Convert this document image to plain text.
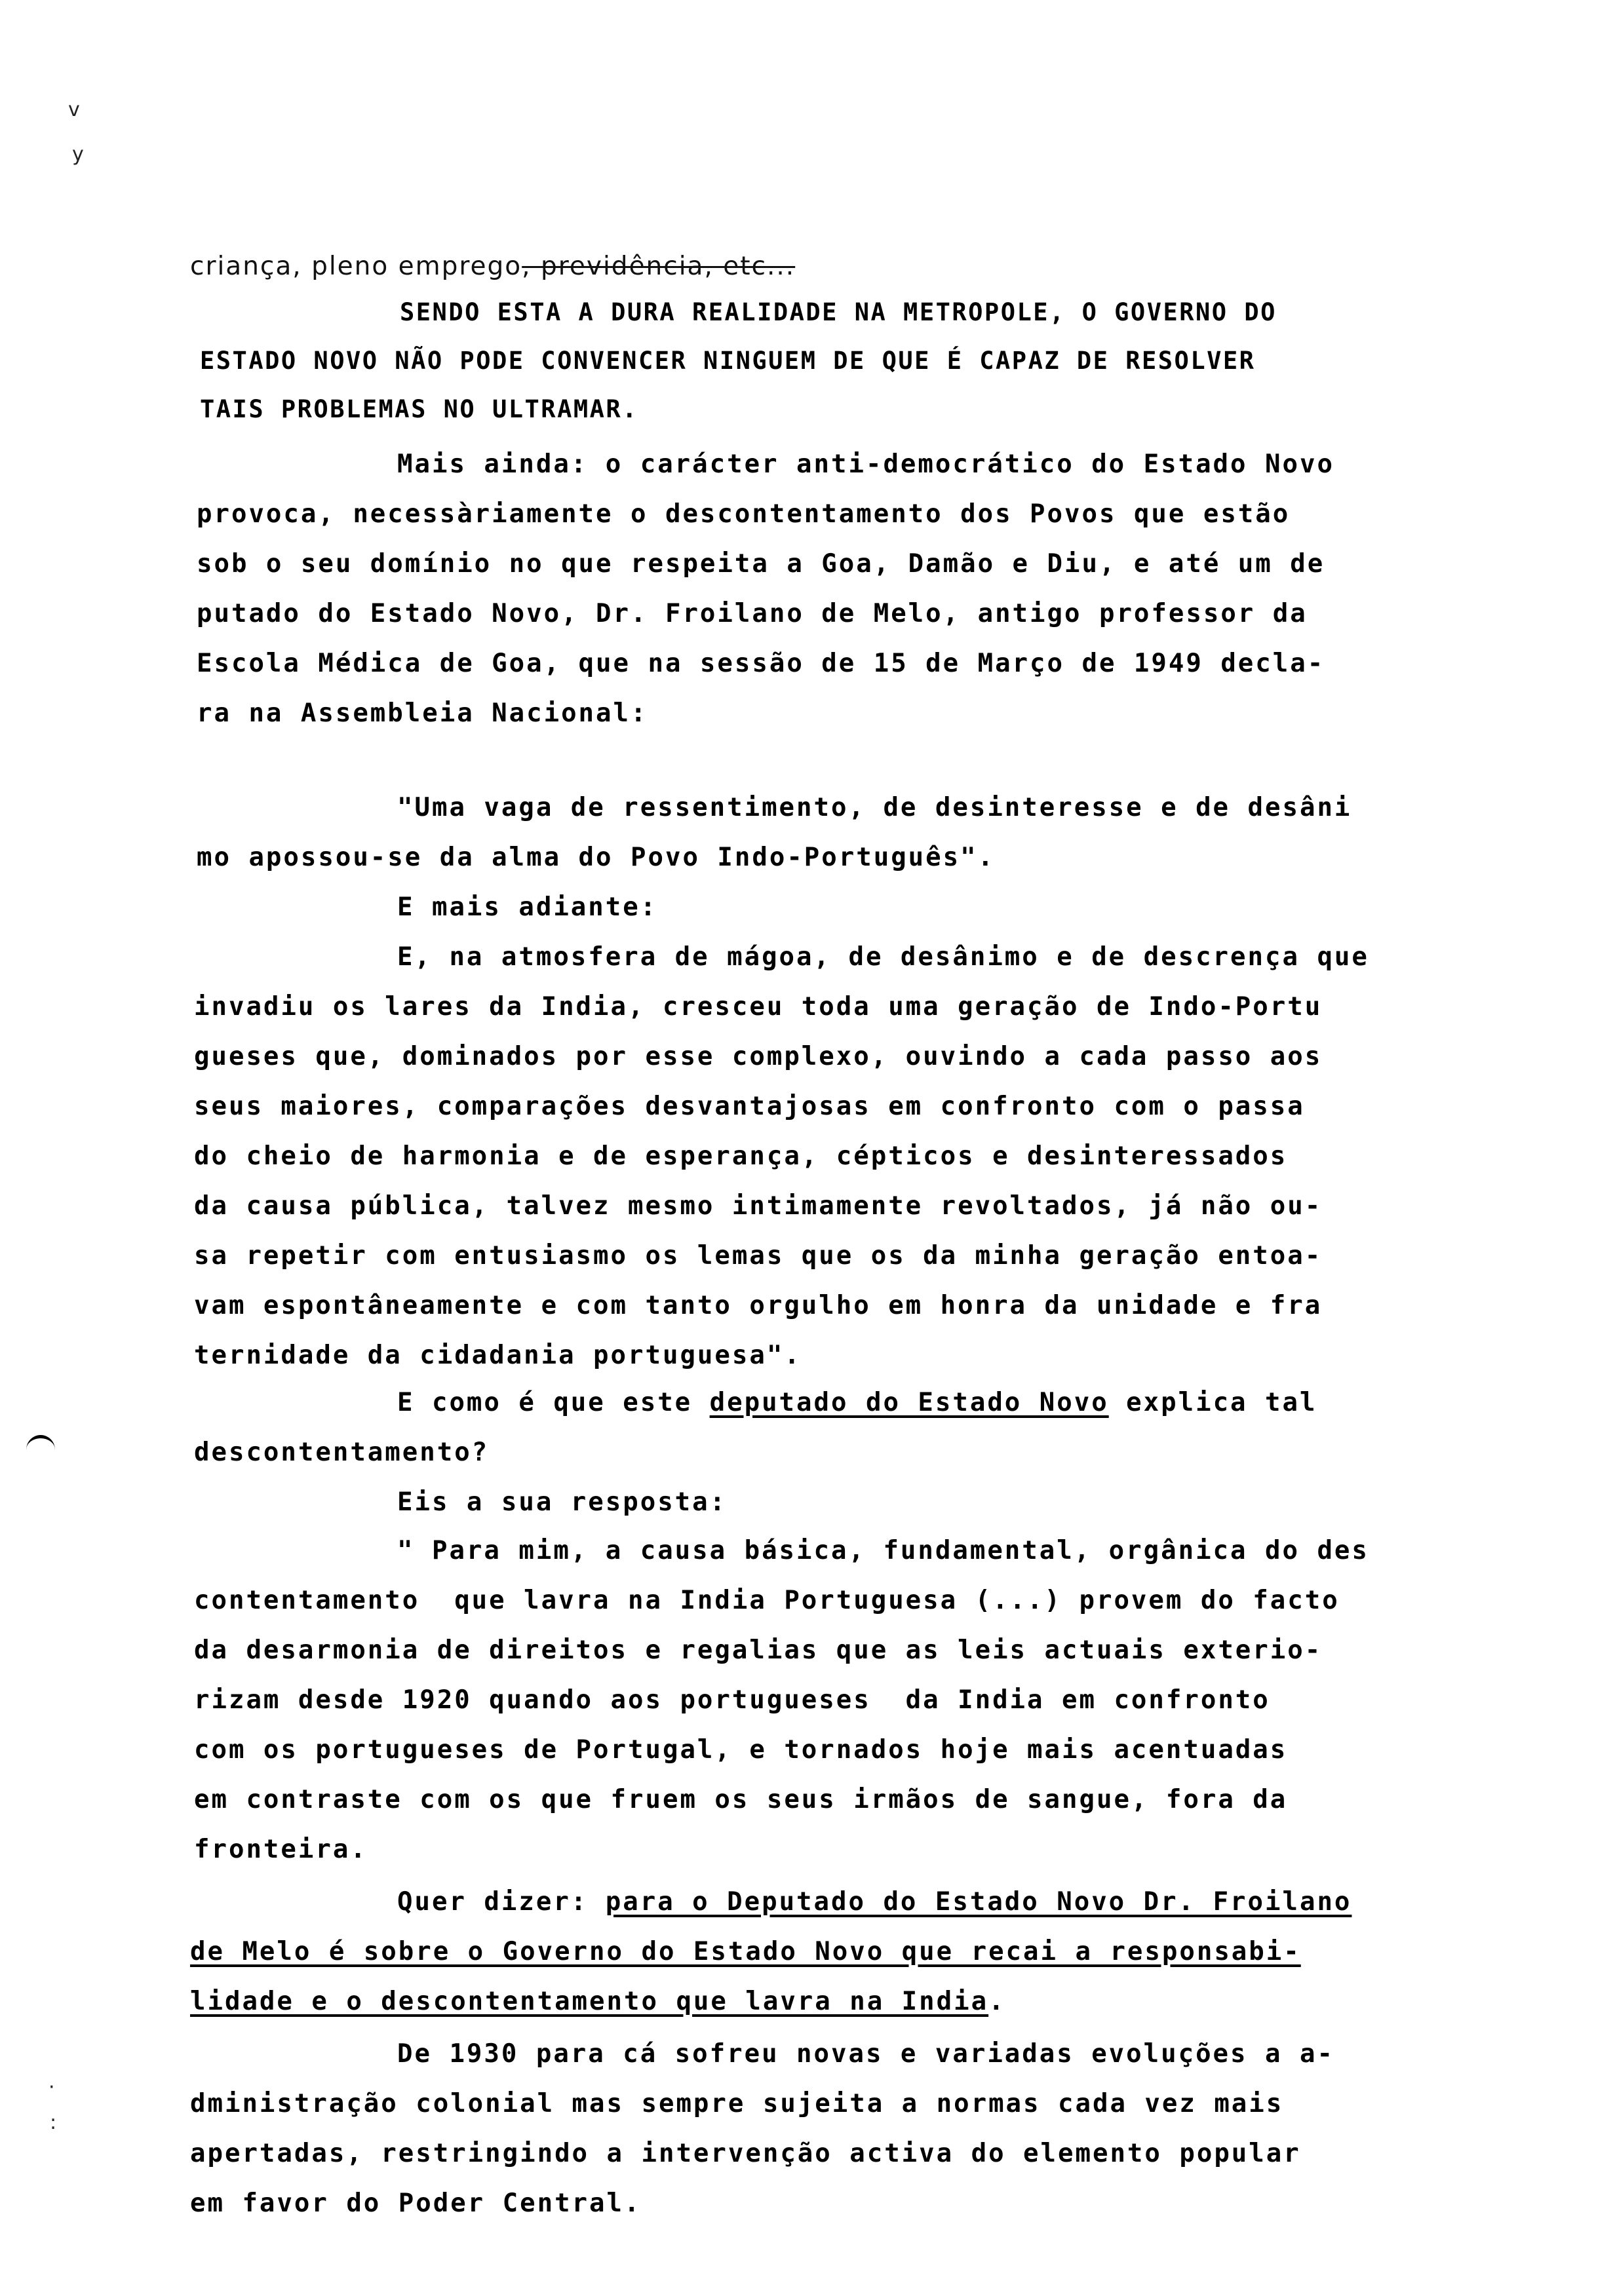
v
y
·
:
criança, pleno emprego, previdência, etc...
SENDO ESTA A DURA REALIDADE NA METROPOLE, O GOVERNO DO
ESTADO NOVO NÃO PODE CONVENCER NINGUEM DE QUE É CAPAZ DE RESOLVER
TAIS PROBLEMAS NO ULTRAMAR.
Mais ainda: o carácter anti-democrático do Estado Novo
provoca, necessàriamente o descontentamento dos Povos que estão
sob o seu domínio no que respeita a Goa, Damão e Diu, e até um de
putado do Estado Novo, Dr. Froilano de Melo, antigo professor da
Escola Médica de Goa, que na sessão de 15 de Março de 1949 decla-
ra na Assembleia Nacional:
"Uma vaga de ressentimento, de desinteresse e de desâni
mo apossou-se da alma do Povo Indo-Português".
E mais adiante:
E, na atmosfera de mágoa, de desânimo e de descrença que
invadiu os lares da India, cresceu toda uma geração de Indo-Portu
gueses que, dominados por esse complexo, ouvindo a cada passo aos
seus maiores, comparações desvantajosas em confronto com o passa
do cheio de harmonia e de esperança, cépticos e desinteressados
da causa pública, talvez mesmo intimamente revoltados, já não ou-
sa repetir com entusiasmo os lemas que os da minha geração entoa-
vam espontâneamente e com tanto orgulho em honra da unidade e fra
ternidade da cidadania portuguesa".
E como é que este deputado do Estado Novo explica tal
descontentamento?
Eis a sua resposta:
" Para mim, a causa básica, fundamental, orgânica do des
contentamento  que lavra na India Portuguesa (...) provem do facto
da desarmonia de direitos e regalias que as leis actuais exterio-
rizam desde 1920 quando aos portugueses  da India em confronto
com os portugueses de Portugal, e tornados hoje mais acentuadas
em contraste com os que fruem os seus irmãos de sangue, fora da
fronteira.
Quer dizer: para o Deputado do Estado Novo Dr. Froilano
de Melo é sobre o Governo do Estado Novo que recai a responsabi-
lidade e o descontentamento que lavra na India.
De 1930 para cá sofreu novas e variadas evoluções a a-
dministração colonial mas sempre sujeita a normas cada vez mais
apertadas, restringindo a intervenção activa do elemento popular
em favor do Poder Central.
